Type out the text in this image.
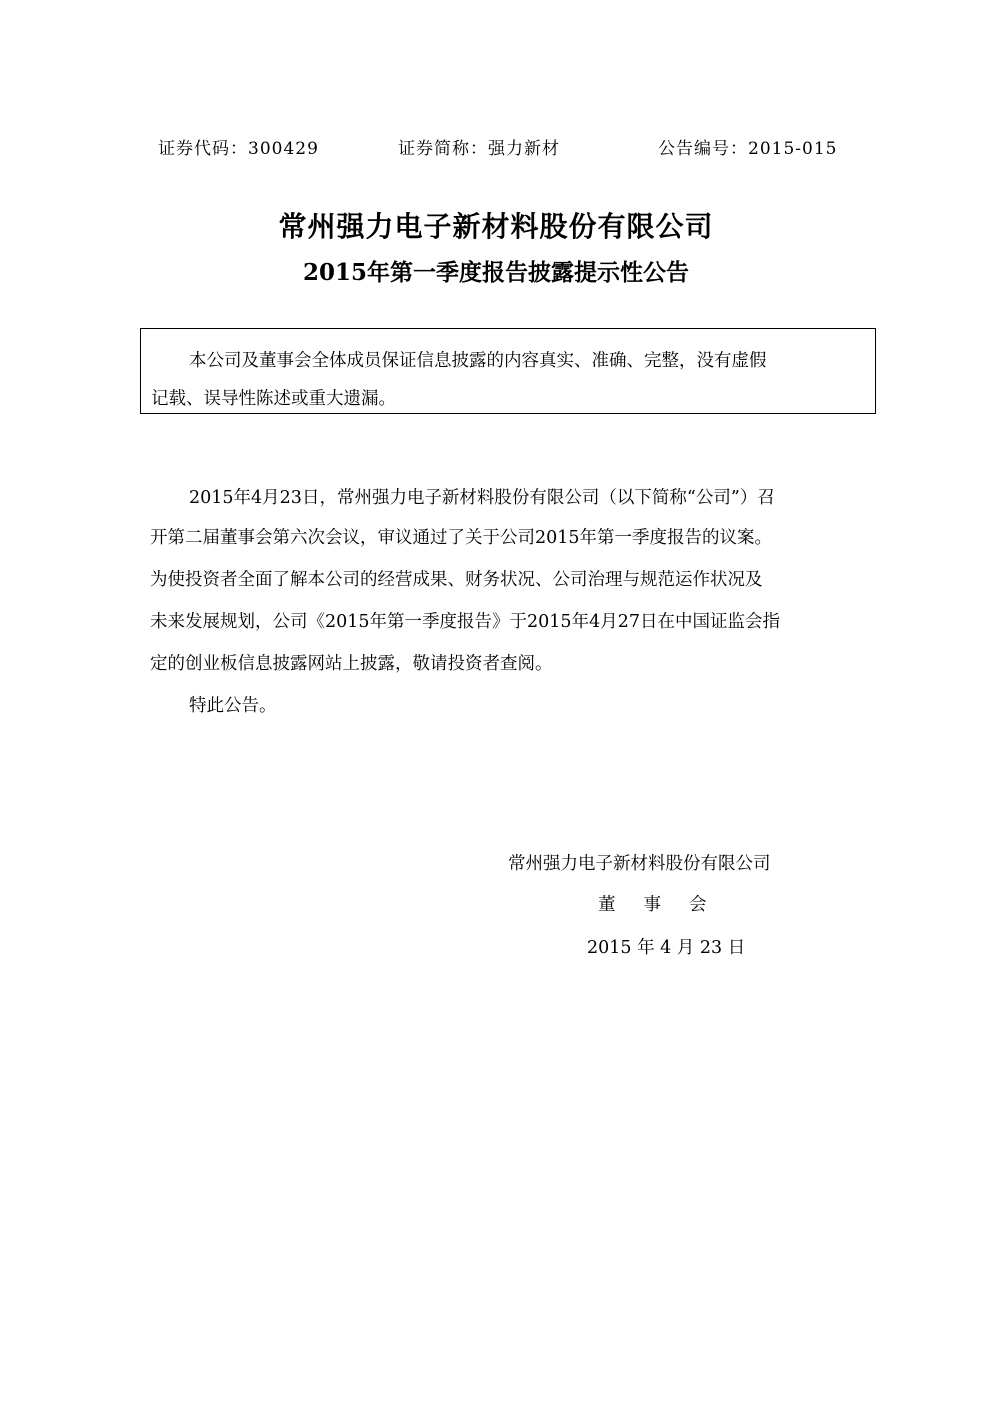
证券代码：300429	证券简称：强力新材	公告编号：2015-015
常州强力电子新材料股份有限公司
2015年第一季度报告披露提示性公告
本公司及董事会全体成员保证信息披露的内容真实、准确、完整，没有虚假
记载、误导性陈述或重大遗漏。
2015年4月23日，常州强力电子新材料股份有限公司（以下简称“公司”）召
开第二届董事会第六次会议，审议通过了关于公司2015年第一季度报告的议案。
为使投资者全面了解本公司的经营成果、财务状况、公司治理与规范运作状况及
未来发展规划，公司《2015年第一季度报告》于2015年4月27日在中国证监会指
定的创业板信息披露网站上披露，敬请投资者查阅。
特此公告。
常州强力电子新材料股份有限公司
董事会
2015 年 4 月 23 日
